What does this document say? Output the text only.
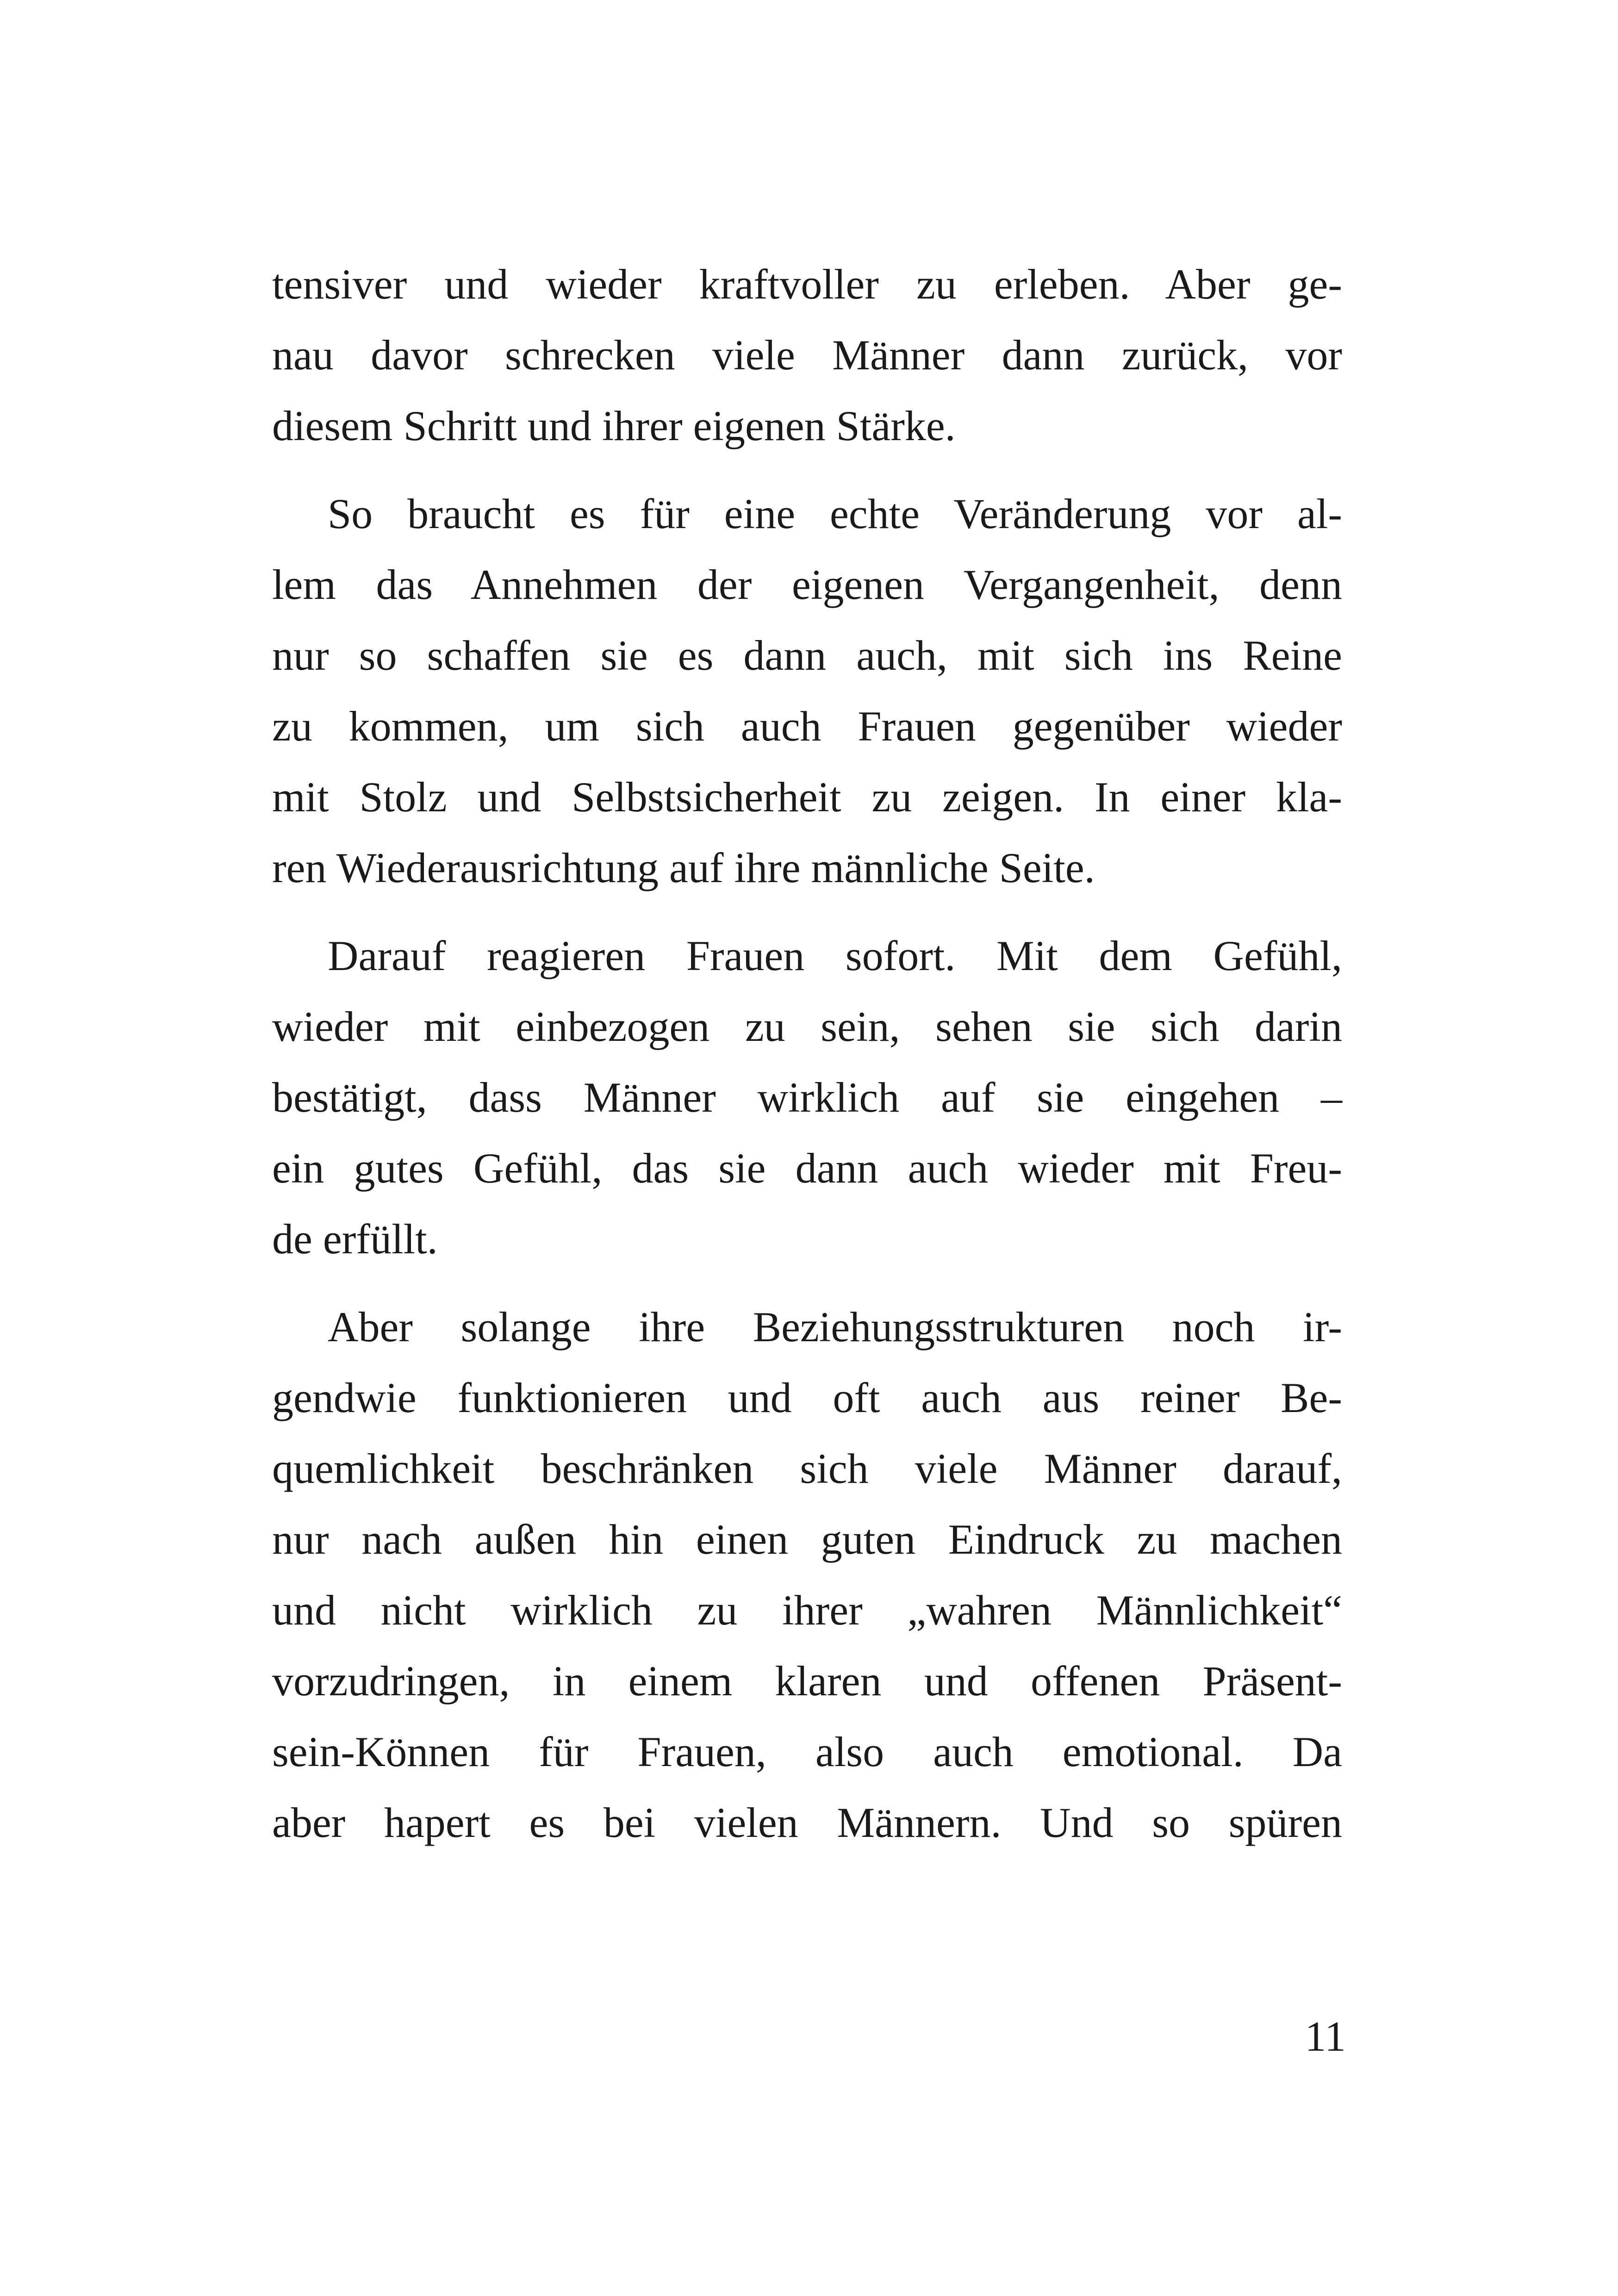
tensiver und wieder kraftvoller zu erleben. Aber ge-
nau davor schrecken viele Männer dann zurück, vor
diesem Schritt und ihrer eigenen Stärke.

So braucht es für eine echte Veränderung vor al-
lem das Annehmen der eigenen Vergangenheit, denn
nur so schaffen sie es dann auch, mit sich ins Reine
zu kommen, um sich auch Frauen gegenüber wieder
mit Stolz und Selbstsicherheit zu zeigen. In einer kla-
ren Wiederausrichtung auf ihre männliche Seite.

Darauf reagieren Frauen sofort. Mit dem Gefühl,
wieder mit einbezogen zu sein, sehen sie sich darin
bestätigt, dass Männer wirklich auf sie eingehen –
ein gutes Gefühl, das sie dann auch wieder mit Freu-
de erfüllt.

Aber solange ihre Beziehungsstrukturen noch ir-
gendwie funktionieren und oft auch aus reiner Be-
quemlichkeit beschränken sich viele Männer darauf,
nur nach außen hin einen guten Eindruck zu machen
und nicht wirklich zu ihrer „wahren Männlichkeit“
vorzudringen, in einem klaren und offenen Präsent-
sein-Können für Frauen, also auch emotional. Da
aber hapert es bei vielen Männern. Und so spüren

11
